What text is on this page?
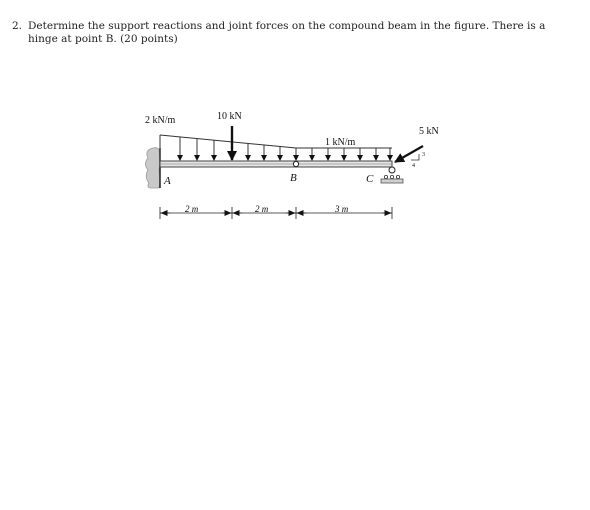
2. Determine the support reactions and joint forces on the compound beam in the figure. There is a
hinge at point B. (20 points)

2 kN/m	10 kN
1 kN/m
5 kN
3
4
A	B	C
2 m	2 m	3 m
